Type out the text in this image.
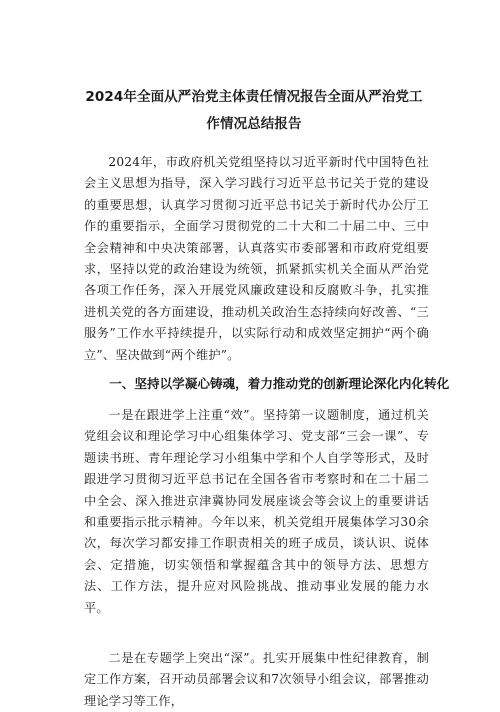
2024年全面从严治党主体责任情况报告全面从严治党工作情况总结报告
2024年，市政府机关党组坚持以习近平新时代中国特色社会主义思想为指导，深入学习践行习近平总书记关于党的建设的重要思想，认真学习贯彻习近平总书记关于新时代办公厅工作的重要指示，全面学习贯彻党的二十大和二十届二中、三中全会精神和中央决策部署，认真落实市委部署和市政府党组要求，坚持以党的政治建设为统领，抓紧抓实机关全面从严治党各项工作任务，深入开展党风廉政建设和反腐败斗争，扎实推进机关党的各方面建设，推动机关政治生态持续向好改善、“三服务”工作水平持续提升，以实际行动和成效坚定拥护“两个确立”、坚决做到“两个维护”。
一、坚持以学凝心铸魂，着力推动党的创新理论深化内化转化
一是在跟进学上注重“效”。坚持第一议题制度，通过机关党组会议和理论学习中心组集体学习、党支部“三会一课”、专题读书班、青年理论学习小组集中学和个人自学等形式，及时跟进学习贯彻习近平总书记在全国各省市考察时和在二十届二中全会、深入推进京津冀协同发展座谈会等会议上的重要讲话和重要指示批示精神。今年以来，机关党组开展集体学习30余次，每次学习都安排工作职责相关的班子成员，谈认识、说体会、定措施，切实领悟和掌握蕴含其中的领导方法、思想方法、工作方法，提升应对风险挑战、推动事业发展的能力水平。
二是在专题学上突出“深”。扎实开展集中性纪律教育，制定工作方案，召开动员部署会议和7次领导小组会议，部署推动理论学习等工作，
